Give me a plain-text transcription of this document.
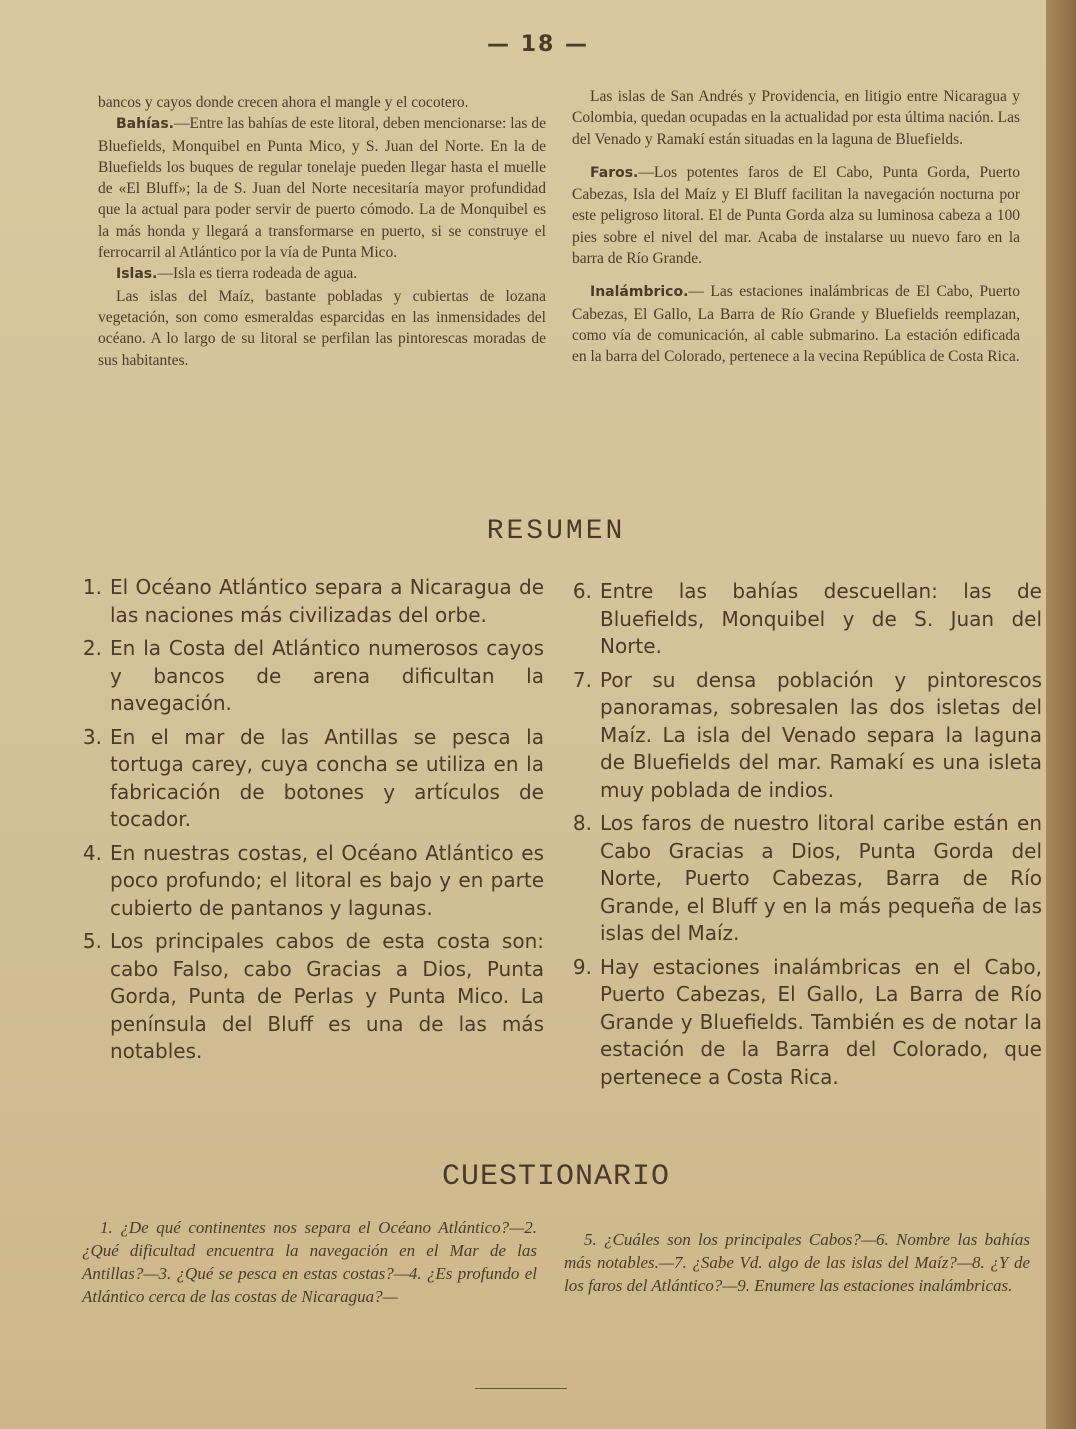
— 18 —

bancos y cayos donde crecen ahora el mangle y el cocotero.

Bahías.—Entre las bahías de este litoral, deben mencionarse: las de Bluefields, Monquibel en Punta Mico, y S. Juan del Norte. En la de Bluefields los buques de regular tonelaje pueden llegar hasta el muelle de «El Bluff»; la de S. Juan del Norte necesitaría mayor profundidad que la actual para poder servir de puerto cómodo. La de Monquibel es la más honda y llegará a transformarse en puerto, si se construye el ferrocarril al Atlántico por la vía de Punta Mico.

Islas.—Isla es tierra rodeada de agua.

Las islas del Maíz, bastante pobladas y cubiertas de lozana vegetación, son como esmeraldas esparcidas en las inmensidades del océano. A lo largo de su litoral se perfilan las pintorescas moradas de sus habitantes.

Las islas de San Andrés y Providencia, en litigio entre Nicaragua y Colombia, quedan ocupadas en la actualidad por esta última nación. Las del Venado y Ramakí están situadas en la laguna de Bluefields.

Faros.—Los potentes faros de El Cabo, Punta Gorda, Puerto Cabezas, Isla del Maíz y El Bluff facilitan la navegación nocturna por este peligroso litoral. El de Punta Gorda alza su luminosa cabeza a 100 pies sobre el nivel del mar. Acaba de instalarse uu nuevo faro en la barra de Río Grande.

Inalámbrico.— Las estaciones inalámbricas de El Cabo, Puerto Cabezas, El Gallo, La Barra de Río Grande y Bluefields reemplazan, como vía de comunicación, al cable submarino. La estación edificada en la barra del Colorado, pertenece a la vecina República de Costa Rica.

RESUMEN
1. El Océano Atlántico separa a Nicaragua de las naciones más civilizadas del orbe.
2. En la Costa del Atlántico numerosos cayos y bancos de arena dificultan la navegación.
3. En el mar de las Antillas se pesca la tortuga carey, cuya concha se utiliza en la fabricación de botones y artículos de tocador.
4. En nuestras costas, el Océano Atlántico es poco profundo; el litoral es bajo y en parte cubierto de pantanos y lagunas.
5. Los principales cabos de esta costa son: cabo Falso, cabo Gracias a Dios, Punta Gorda, Punta de Perlas y Punta Mico. La península del Bluff es una de las más notables.
6. Entre las bahías descuellan: las de Bluefields, Monquibel y de S. Juan del Norte.
7. Por su densa población y pintorescos panoramas, sobresalen las dos isletas del Maíz. La isla del Venado separa la laguna de Bluefields del mar. Ramakí es una isleta muy poblada de indios.
8. Los faros de nuestro litoral caribe están en Cabo Gracias a Dios, Punta Gorda del Norte, Puerto Cabezas, Barra de Río Grande, el Bluff y en la más pequeña de las islas del Maíz.
9. Hay estaciones inalámbricas en el Cabo, Puerto Cabezas, El Gallo, La Barra de Río Grande y Bluefields. También es de notar la estación de la Barra del Colorado, que pertenece a Costa Rica.
CUESTIONARIO
1. ¿De qué continentes nos separa el Océano Atlántico?—2. ¿Qué dificultad encuentra la navegación en el Mar de las Antillas?—3. ¿Qué se pesca en estas costas?—4. ¿Es profundo el Atlántico cerca de las costas de Nicaragua?—
5. ¿Cuáles son los principales Cabos?—6. Nombre las bahías más notables.—7. ¿Sabe Vd. algo de las islas del Maíz?—8. ¿Y de los faros del Atlántico?—9. Enumere las estaciones inalámbricas.
